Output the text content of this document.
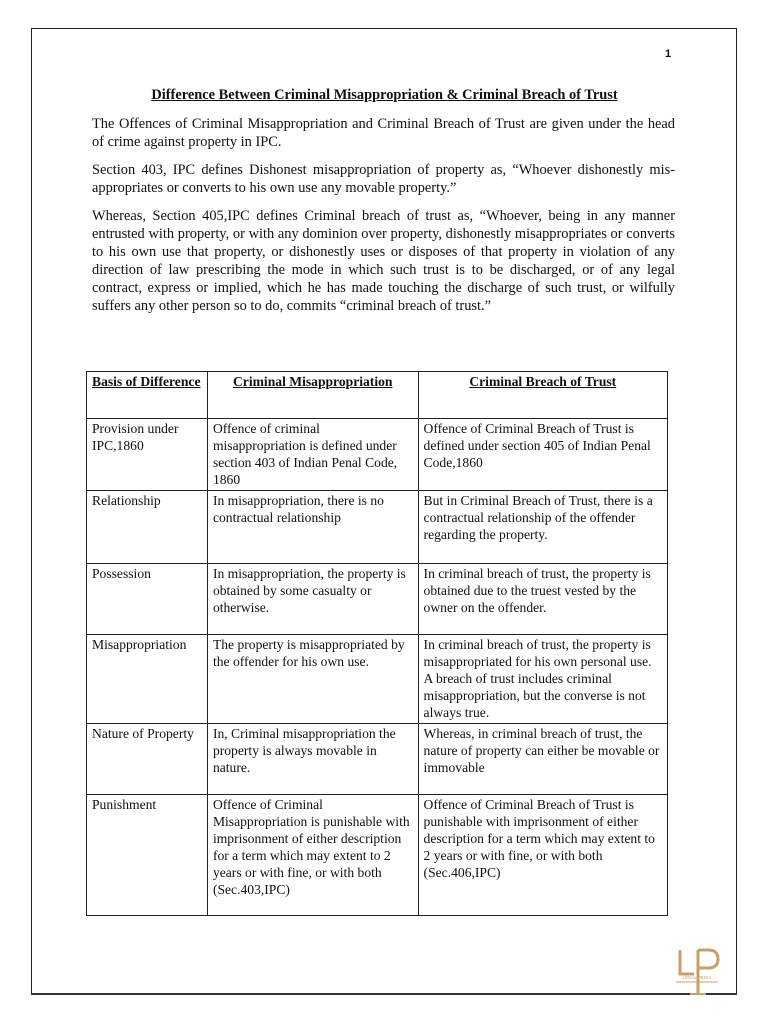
1
Difference Between Criminal Misappropriation & Criminal Breach of Trust

The Offences of Criminal Misappropriation and Criminal Breach of Trust are given under the head of crime against property in IPC.

Section 403, IPC defines Dishonest misappropriation of property as, “Whoever dishonestly mis-appropriates or converts to his own use any movable property.”

Whereas, Section 405,IPC defines Criminal breach of trust as, “Whoever, being in any manner entrusted with property, or with any dominion over property, dishonestly misappropriates or converts to his own use that property, or dishonestly uses or disposes of that property in violation of any direction of law prescribing the mode in which such trust is to be discharged, or of any legal contract, express or implied, which he has made touching the discharge of such trust, or wilfully suffers any other person so to do, commits “criminal breach of trust.”

Basis of Difference	Criminal Misappropriation	Criminal Breach of Trust
Provision under IPC,1860	Offence of criminal misappropriation is defined under section 403 of Indian Penal Code, 1860	Offence of Criminal Breach of Trust is defined under section 405 of Indian Penal Code,1860
Relationship	In misappropriation, there is no contractual relationship	But in Criminal Breach of Trust, there is a contractual relationship of the offender regarding the property.
Possession	In misappropriation, the property is obtained by some casualty or otherwise.	In criminal breach of trust, the property is obtained due to the truest vested by the owner on the offender.
Misappropriation	The property is misappropriated by the offender for his own use.	In criminal breach of trust, the property is misappropriated for his own personal use. A breach of trust includes criminal misappropriation, but the converse is not always true.
Nature of Property	In, Criminal misappropriation the property is always movable in nature.	Whereas, in criminal breach of trust, the nature of property can either be movable or immovable
Punishment	Offence of Criminal Misappropriation is punishable with imprisonment of either description for a term which may extent to 2 years or with fine, or with both (Sec.403,IPC)	Offence of Criminal Breach of Trust is punishable with imprisonment of either description for a term which may extent to 2 years or with fine, or with both (Sec.406,IPC)
LEGAL PEDIA
